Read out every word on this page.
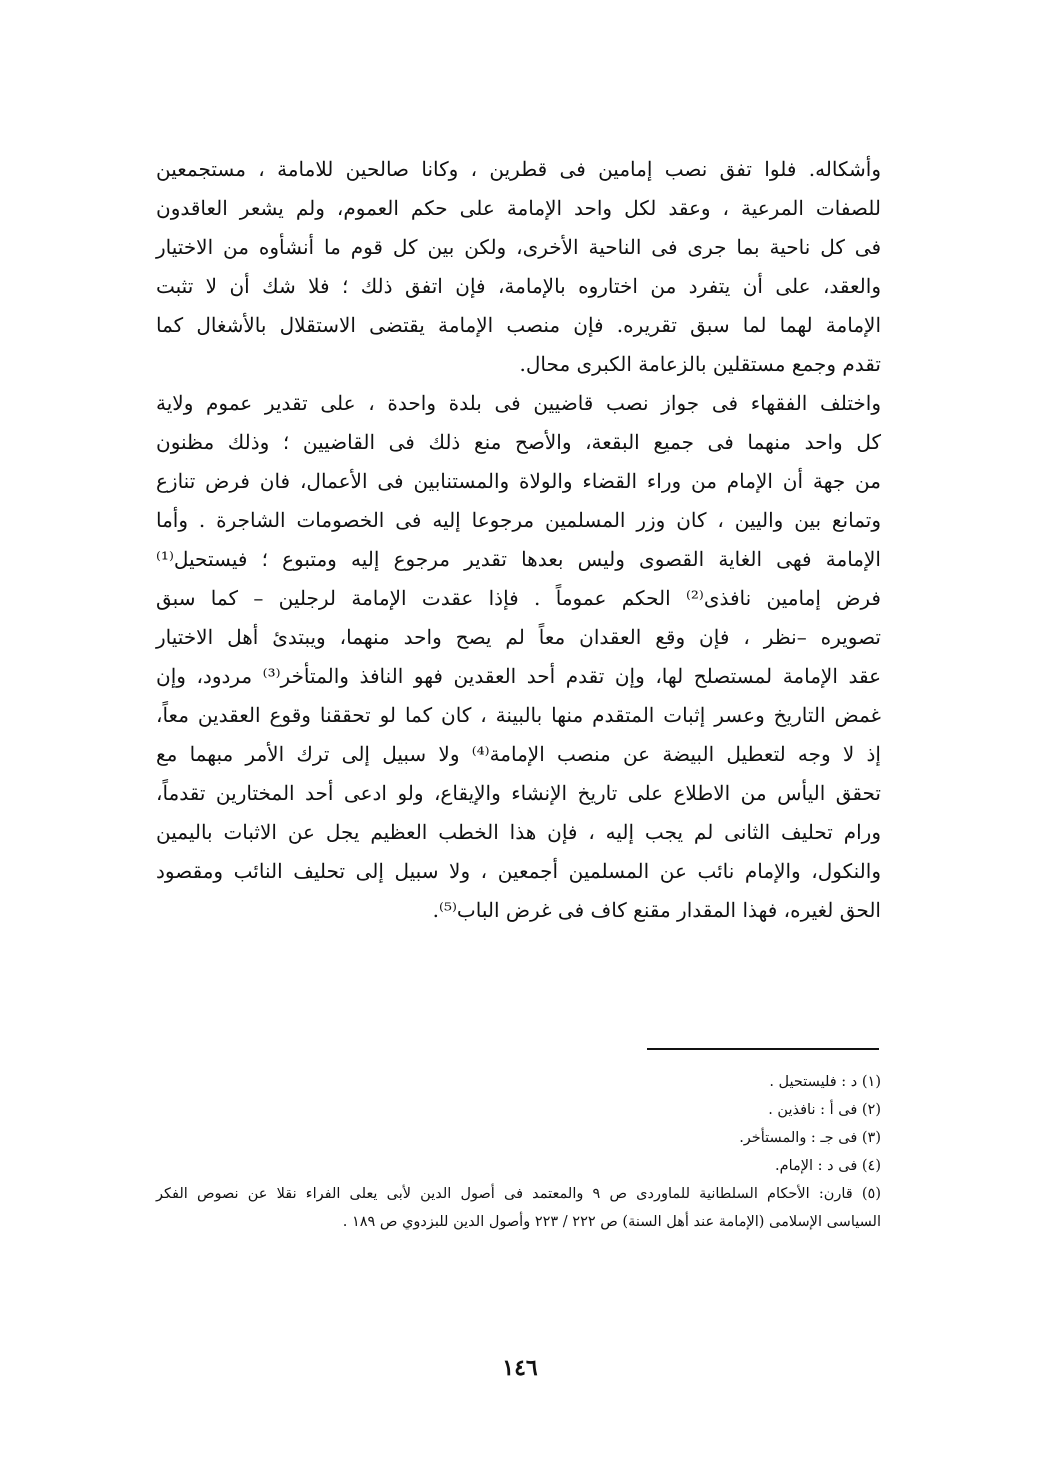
وأشكاله. فلوا تفق نصب إمامين فى قطرين ، وكانا صالحين للامامة ، مستجمعين
للصفات المرعية ، وعقد لكل واحد الإمامة على حكم العموم، ولم يشعر العاقدون
فى كل ناحية بما جرى فى الناحية الأخرى، ولكن بين كل قوم ما أنشأوه من الاختيار
والعقد، على أن يتفرد من اختاروه بالإمامة، فإن اتفق ذلك ؛ فلا شك أن لا تثبت
الإمامة لهما لما سبق تقريره. فإن منصب الإمامة يقتضى الاستقلال بالأشغال كما
تقدم وجمع مستقلين بالزعامة الكبرى محال.
واختلف الفقهاء فى جواز نصب قاضيين فى بلدة واحدة ، على تقدير عموم ولاية
كل واحد منهما فى جميع البقعة، والأصح منع ذلك فى القاضيين ؛ وذلك مظنون
من جهة أن الإمام من وراء القضاء والولاة والمستنابين فى الأعمال، فان فرض تنازع
وتمانع بين واليين ، كان وزر المسلمين مرجوعا إليه فى الخصومات الشاجرة . وأما
الإمامة فهى الغاية القصوى وليس بعدها تقدير مرجوع إليه ومتبوع ؛ فيستحيل⁽¹⁾
فرض إمامين نافذى⁽²⁾ الحكم عموماً . فإذا عقدت الإمامة لرجلين – كما سبق
تصويره –نظر ، فإن وقع العقدان معاً لم يصح واحد منهما، ويبتدئ أهل الاختيار
عقد الإمامة لمستصلح لها، وإن تقدم أحد العقدين فهو النافذ والمتأخر⁽³⁾ مردود، وإن
غمض التاريخ وعسر إثبات المتقدم منها بالبينة ، كان كما لو تحققنا وقوع العقدين معاً،
إذ لا وجه لتعطيل البيضة عن منصب الإمامة⁽⁴⁾ ولا سبيل إلى ترك الأمر مبهما مع
تحقق اليأس من الاطلاع على تاريخ الإنشاء والإيقاع، ولو ادعى أحد المختارين تقدماً،
ورام تحليف الثانى لم يجب إليه ، فإن هذا الخطب العظيم يجل عن الاثبات باليمين
والنكول، والإمام نائب عن المسلمين أجمعين ، ولا سبيل إلى تحليف النائب ومقصود
الحق لغيره، فهذا المقدار مقنع كاف فى غرض الباب⁽⁵⁾.
(١) د : فليستحيل .
(٢) فى أ : نافذين .
(٣) فى جـ : والمستأخر.
(٤) فى د : الإمام.
(٥) قارن: الأحكام السلطانية للماوردى ص ٩ والمعتمد فى أصول الدين لأبى يعلى الفراء نقلا عن نصوص الفكر
السياسى الإسلامى (الإمامة عند أهل السنة) ص ٢٢٢ / ٢٢٣ وأصول الدين للبزدوي ص ١٨٩ .
١٤٦
